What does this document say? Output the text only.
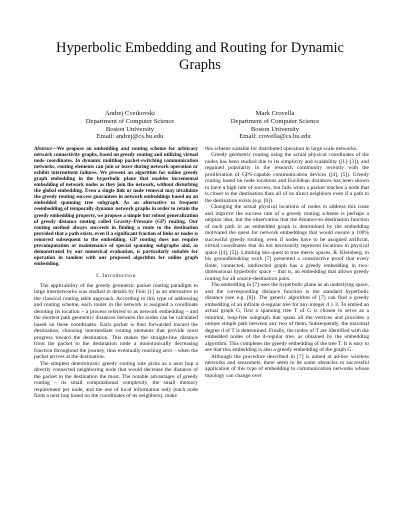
Hyperbolic Embedding and Routing for Dynamic Graphs
Andrej Cvetkovski
Department of Computer Science
Boston University
Email: andrej@cs.bu.edu
Mark Crovella
Department of Computer Science
Boston University
Email: crovella@cs.bu.edu

Abstract—We propose an embedding and routing scheme for arbitrary network connectivity graphs, based on greedy routing and utilizing virtual node coordinates. In dynamic multihop packet-switching communication networks, routing elements can join or leave during network operation or exhibit intermittent failures. We present an algorithm for online greedy graph embedding in the hyperbolic plane that enables incremental embedding of network nodes as they join the network, without disturbing the global embedding. Even a single link or node removal may invalidate the greedy routing success guarantees in network embeddings based on an embedded spanning tree subgraph. As an alternative to frequent reembedding of temporally dynamic network graphs in order to retain the greedy embedding property, we propose a simple but robust generalization of greedy distance routing called Gravity–Pressure (GP) routing. Our routing method always succeeds in finding a route to the destination provided that a path exists, even if a significant fraction of links or nodes is removed subsequent to the embedding. GP routing does not require precomputation or maintenance of special spanning subgraphs and, as demonstrated by our numerical evaluation, is particularly suitable for operation in tandem with our proposed algorithm for online graph embedding.

I. Introduction

The applicability of the greedy geometric packet routing paradigm to large internetworks was studied in details by Finn [1] as an alternative to the classical routing table approach. According to this type of addressing and routing scheme, each router in the network is assigned a coordinate denoting its location – a process referred to as network embedding – and the shortest path geometric distances between the nodes can be calculated based on these coordinates. Each packet is then forwarded toward the destination, choosing intermediate routing elements that provide most progress toward the destination. This makes the straight-line distance from the packet to the destination node a monotonically decreasing function throughout the journey, thus eventually reaching zero – when the packet arrives at the destination.

The simplest deterministic greedy routing rule picks as a next hop a directly connected neighboring node that would decrease the distance of the packet to the destination the most. The notable advantages of greedy routing – its small computational complexity, the small memory requirement per node, and the use of local information only (each node finds a next hop based on the coordinates of its neighbors), make

this scheme suitable for distributed operation in large scale networks.

Greedy geometric routing using the actual physical coordinates of the nodes has been studied due to its simplicity and scalability ([1]–[3]), and regained popularity in the research community recently with the proliferation of GPS-capable communication devices ([4], [5]). Greedy routing based on node locations and Euclidean distances has been shown to have a high rate of success, but fails when a packet reaches a node that is closer to the destination than all of its direct neighbors even if a path to the destination exists (e.g. [6]).

Changing the actual physical locations of nodes to address this issue and improve the success rate of a greedy routing scheme is perhaps a utopian idea, but the observation that the distance-to-destination function of each path in an embedded graph is determined by the embedding motivated the quest for network embeddings that would ensure a 100% successful greedy routing, even if nodes have to be assigned artificial, virtual coordinates that do not necessarily represent locations in physical space ([4], [5]). Limiting this quest to true metric spaces, R. Kleinberg, in his groundbreaking work [7] presented a constructive proof that every finite, connected, undirected graph has a greedy embedding in two-dimensional hyperbolic space – that is, an embedding that allows greedy routing for all source-destination pairs.

The embedding in [7] uses the hyperbolic plane as an underlying space, and the corresponding distance function is the standard hyperbolic distance (see e.g. [8]). The generic algorithm of [7] can find a greedy embedding of an infinite d-regular tree for any integer d ≥ 3. To embed an actual graph G, first a spanning tree T of G is chosen to serve as a minimal, loop-free subgraph that spans all the vertices and provides a unique simple path between any two of them. Subsequently, the maximal degree d of T is determined. Finally, the nodes of T are identified with the embedded nodes of the d-regular tree, as obtained by the embedding algorithm. This completes the greedy embedding of the tree T. It is easy to see that this embedding is also a greedy embedding of the graph G.

Although the procedure described in [7] is aimed at ad-hoc wireless networks and sensornets, there seem to be some obstacles to successful application of this type of embedding to communication networks whose topology can change over
